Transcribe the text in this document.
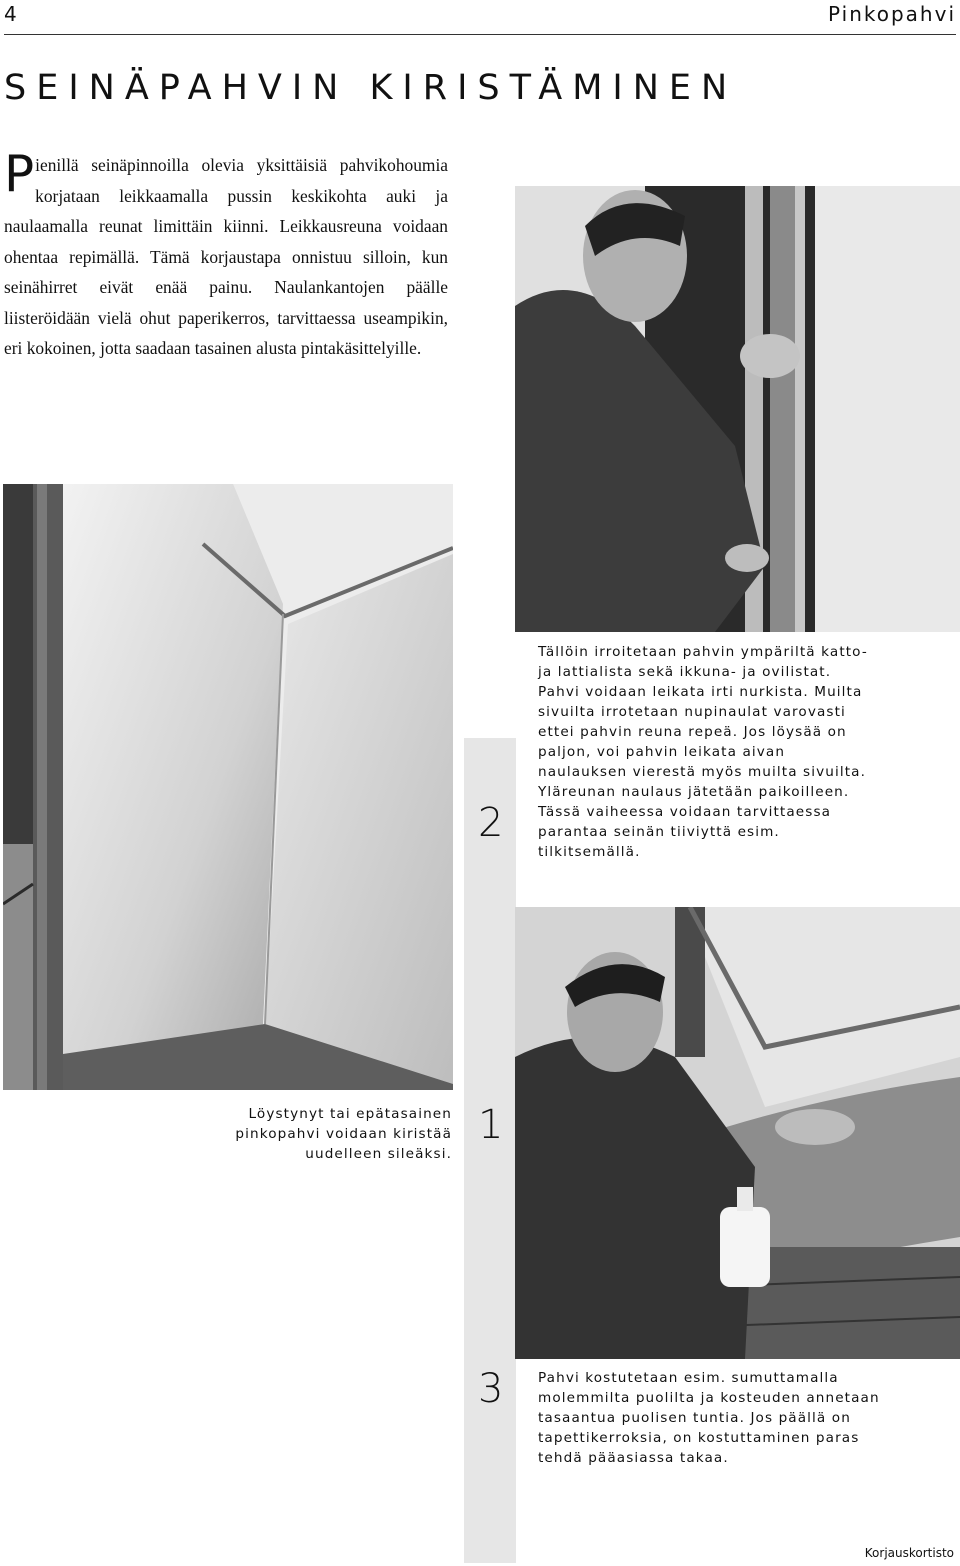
4	Pinkopahvi
SEINÄPAHVIN KIRISTÄMINEN

Pienillä seinäpinnoilla olevia yksittäisiä pahvikohoumia korjataan leikkaamalla pussin keskikohta auki ja naulaamalla reunat limittäin kiinni. Leikkausreuna voidaan ohentaa repimällä. Tämä korjaustapa onnistuu silloin, kun seinähirret eivät enää painu. Naulankantojen päälle liisteröidään vielä ohut paperikerros, tarvittaessa useampikin, eri kokoinen, jotta saadaan tasainen alusta pintakäsittelyille.

2

Tällöin irroitetaan pahvin ympäriltä katto- ja lattialista sekä ikkuna- ja ovilistat. Pahvi voidaan leikata irti nurkista. Muilta sivuilta irrotetaan nupinaulat varovasti ettei pahvin reuna repeä. Jos löysää on paljon, voi pahvin leikata aivan naulauksen vierestä myös muilta sivuilta. Yläreunan naulaus jätetään paikoilleen. Tässä vaiheessa voidaan tarvittaessa parantaa seinän tiiviyttä esim. tilkitsemällä.

Löystynyt tai epätasainen pinkopahvi voidaan kiristää uudelleen sileäksi.

1
3	Pahvi kostutetaan esim. sumuttamalla molemmilta puolilta ja kosteuden annetaan tasaantua puolisen tuntia. Jos päällä on tapettikerroksia, on kostuttaminen paras tehdä pääasiassa takaa.

Korjauskortisto
